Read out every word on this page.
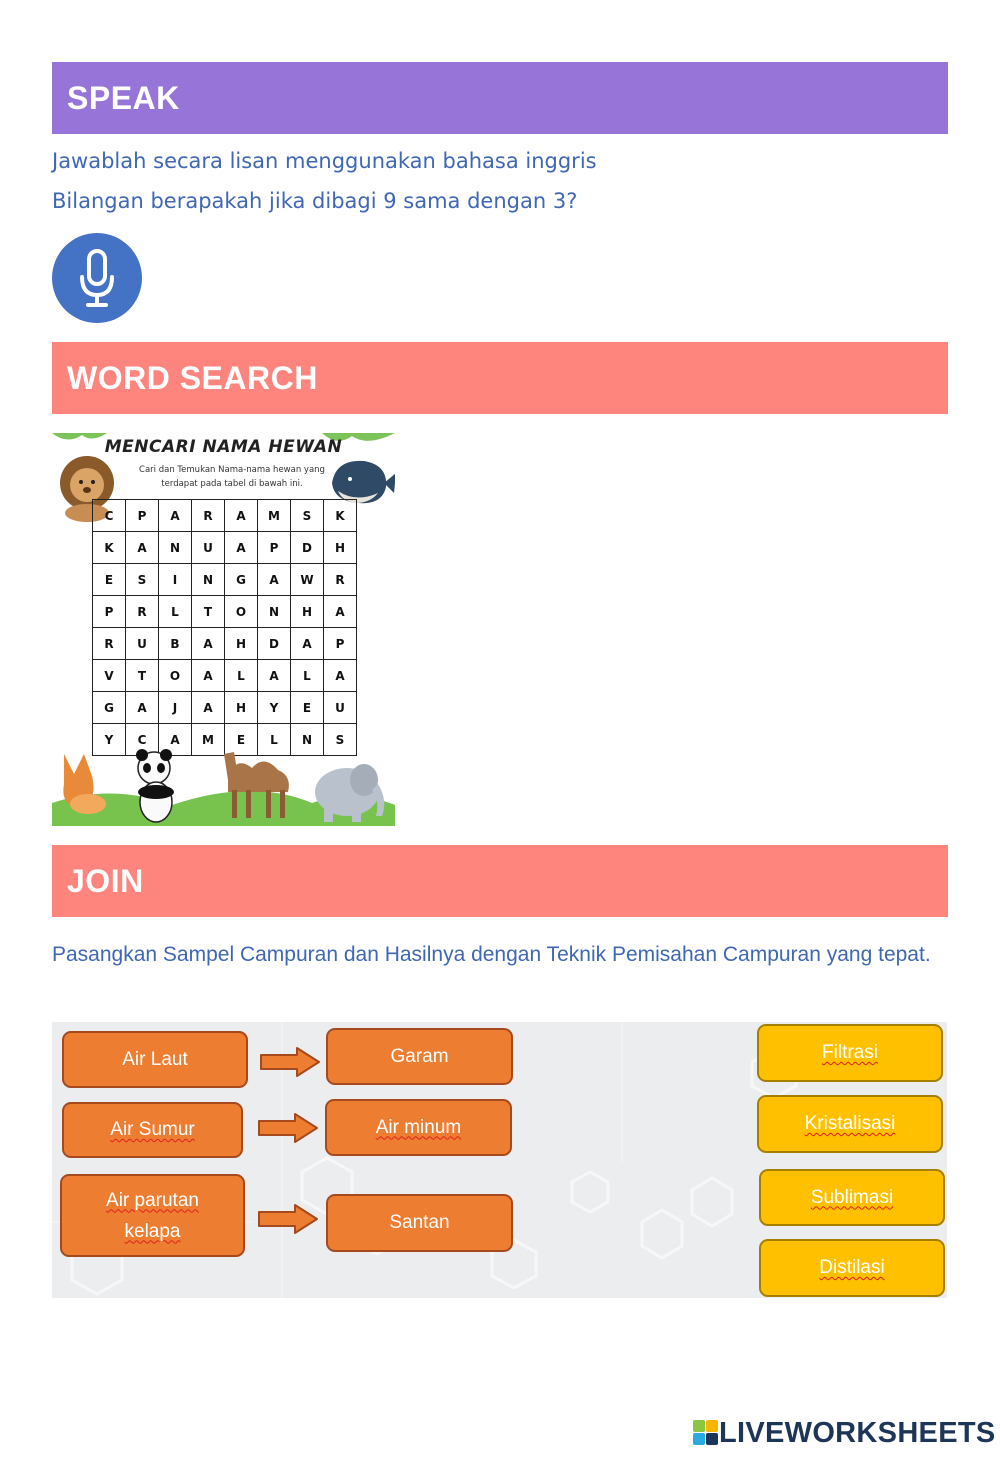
SPEAK
Jawablah secara lisan menggunakan bahasa inggris
Bilangan berapakah jika dibagi 9 sama dengan 3?
WORD SEARCH
MENCARI NAMA HEWAN
Cari dan Temukan Nama-nama hewan yang terdapat pada tabel di bawah ini.
C	P	A	R	A	M	S	K
K	A	N	U	A	P	D	H
E	S	I	N	G	A	W	R
P	R	L	T	O	N	H	A
R	U	B	A	H	D	A	P
V	T	O	A	L	A	L	A
G	A	J	A	H	Y	E	U
Y	C	A	M	E	L	N	S
JOIN
Pasangkan Sampel Campuran dan Hasilnya dengan Teknik Pemisahan Campuran yang tepat.
Air Laut
Air Sumur
Air parutan kelapa
Garam
Air minum
Santan
Filtrasi
Kristalisasi
Sublimasi
Distilasi
LIVEWORKSHEETS
